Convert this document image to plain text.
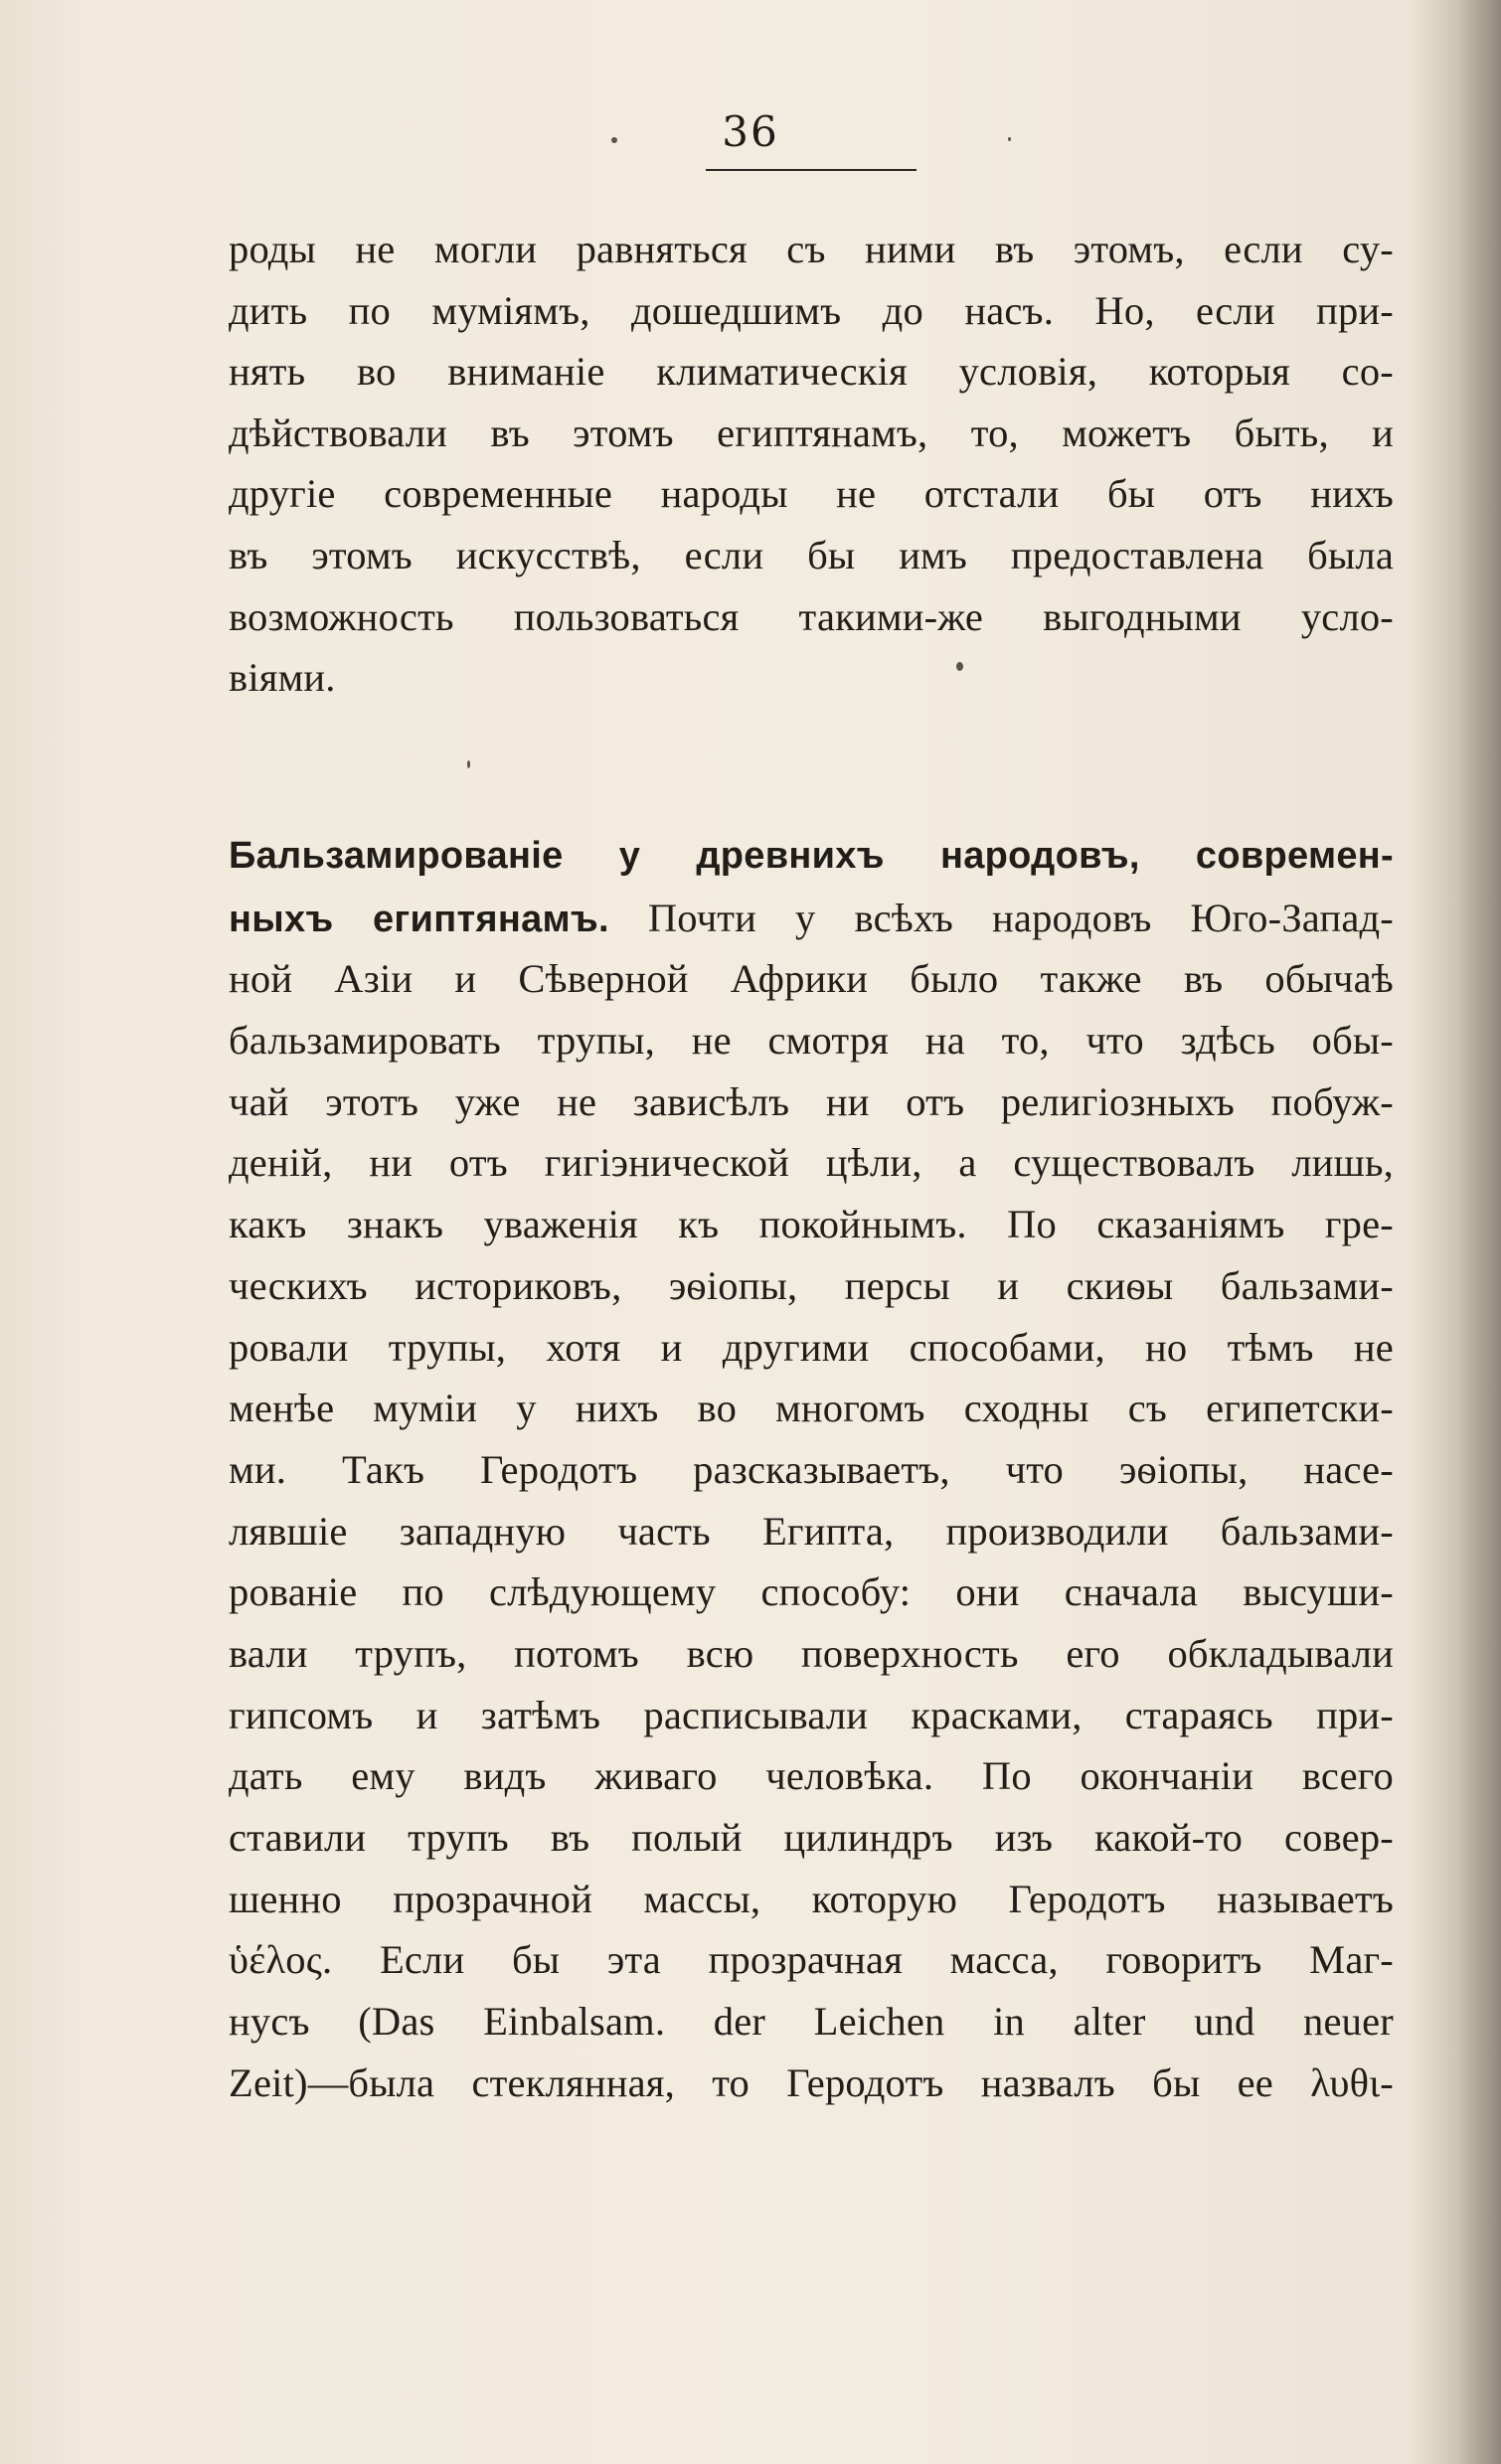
36
роды не могли равняться съ ними въ этомъ, если су-
дить по мумiямъ, дошедшимъ до насъ. Но, если при-
нять во вниманiе климатическiя условiя, которыя со-
дѣйствовали въ этомъ египтянамъ, то, можетъ быть, и
другiе современные народы не отстали бы отъ нихъ
въ этомъ искусствѣ, если бы имъ предоставлена была
возможность пользоваться такими-же выгодными усло-
вiями.
Бальзамированiе у древнихъ народовъ, современ-
ныхъ египтянамъ. Почти у всѣхъ народовъ Юго-Запад-
ной Азiи и Сѣверной Африки было также въ обычаѣ
бальзамировать трупы, не смотря на то, что здѣсь обы-
чай этотъ уже не зависѣлъ ни отъ религiозныхъ побуж-
денiй, ни отъ гигiэнической цѣли, а существовалъ лишь,
какъ знакъ уваженiя къ покойнымъ. По сказанiямъ гре-
ческихъ историковъ, эѳiопы, персы и скиѳы бальзами-
ровали трупы, хотя и другими способами, но тѣмъ не
менѣе мумiи у нихъ во многомъ сходны съ египетски-
ми. Такъ Геродотъ разсказываетъ, что эѳiопы, насе-
лявшiе западную часть Египта, производили бальзами-
рованiе по слѣдующему способу: они сначала высуши-
вали трупъ, потомъ всю поверхность его обкладывали
гипсомъ и затѣмъ расписывали красками, стараясь при-
дать ему видъ живаго человѣка. По окончанiи всего
ставили трупъ въ полый цилиндръ изъ какой-то совер-
шенно прозрачной массы, которую Геродотъ называетъ
ὑέλος. Если бы эта прозрачная масса, говоритъ Маг-
нусъ (Das Einbalsam. der Leichen in alter und neuer
Zeit)—была стеклянная, то Геродотъ назвалъ бы ее λυθι-
